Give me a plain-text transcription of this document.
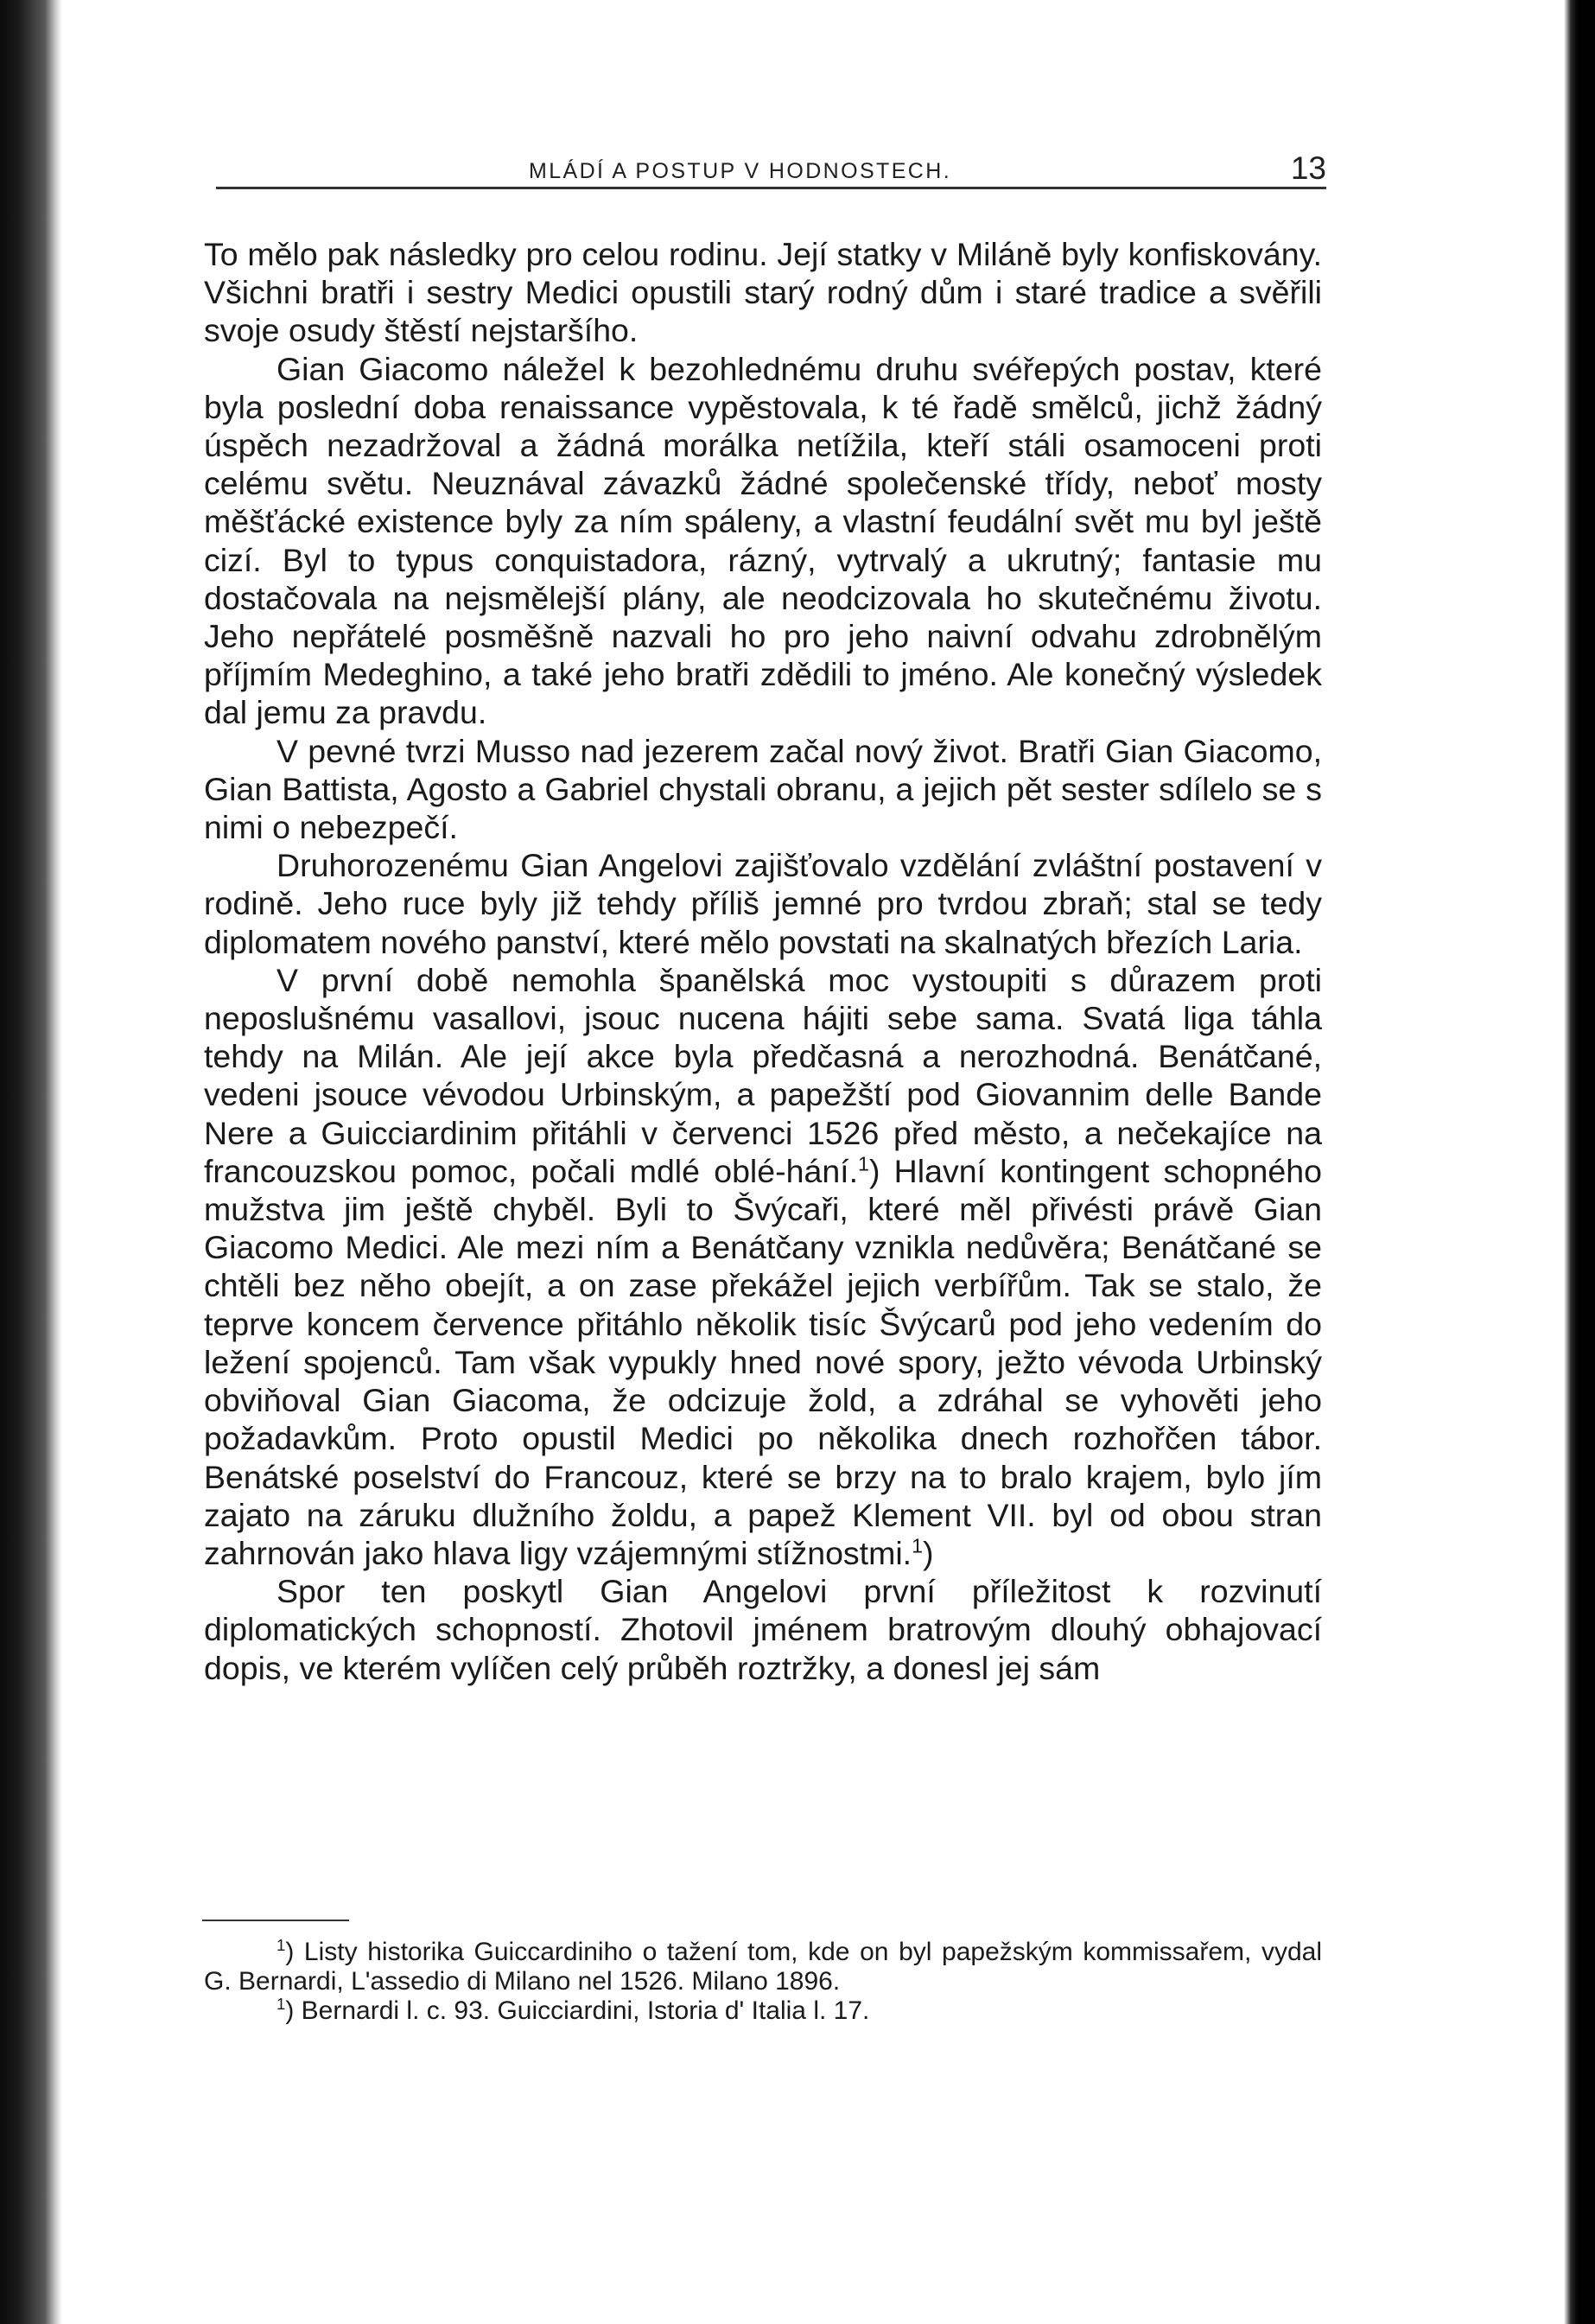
MLÁDÍ A POSTUP V HODNOSTECH.	13

To mělo pak následky pro celou rodinu. Její statky v Miláně byly konfiskovány. Všichni bratři i sestry Medici opustili starý rodný dům i staré tradice a svěřili svoje osudy štěstí nejstaršího.

Gian Giacomo náležel k bezohlednému druhu svéřepých postav, které byla poslední doba renaissance vypěstovala, k té řadě smělců, jichž žádný úspěch nezadržoval a žádná morálka netížila, kteří stáli osamoceni proti celému světu. Neuznával závazků žádné společenské třídy, neboť mosty měšťácké existence byly za ním spáleny, a vlastní feudální svět mu byl ještě cizí. Byl to typus conquistadora, rázný, vytrvalý a ukrutný; fantasie mu dostačovala na nejsmělejší plány, ale neodcizovala ho skutečnému životu. Jeho nepřátelé posměšně nazvali ho pro jeho naivní odvahu zdrobnělým příjmím Medeghino, a také jeho bratři zdědili to jméno. Ale konečný výsledek dal jemu za pravdu.

V pevné tvrzi Musso nad jezerem začal nový život. Bratři Gian Giacomo, Gian Battista, Agosto a Gabriel chystali obranu, a jejich pět sester sdílelo se s nimi o nebezpečí.

Druhorozenému Gian Angelovi zajišťovalo vzdělání zvláštní postavení v rodině. Jeho ruce byly již tehdy příliš jemné pro tvrdou zbraň; stal se tedy diplomatem nového panství, které mělo povstati na skalnatých březích Laria.

V první době nemohla španělská moc vystoupiti s důrazem proti neposlušnému vasallovi, jsouc nucena hájiti sebe sama. Svatá liga táhla tehdy na Milán. Ale její akce byla předčasná a nerozhodná. Benátčané, vedeni jsouce vévodou Urbinským, a papežští pod Giovannim delle Bande Nere a Guicciardinim přitáhli v červenci 1526 před město, a nečekajíce na francouzskou pomoc, počali mdlé oblé-hání.$^1$) Hlavní kontingent schopného mužstva jim ještě chyběl. Byli to Švýcaři, které měl přivésti právě Gian Giacomo Medici. Ale mezi ním a Benátčany vznikla nedůvěra; Benátčané se chtěli bez něho obejít, a on zase překážel jejich verbířům. Tak se stalo, že teprve koncem července přitáhlo několik tisíc Švýcarů pod jeho vedením do ležení spojenců. Tam však vypukly hned nové spory, ježto vévoda Urbinský obviňoval Gian Giacoma, že odcizuje žold, a zdráhal se vyhověti jeho požadavkům. Proto opustil Medici po několika dnech rozhořčen tábor. Benátské poselství do Francouz, které se brzy na to bralo krajem, bylo jím zajato na záruku dlužního žoldu, a papež Klement VII. byl od obou stran zahrnován jako hlava ligy vzájemnými stížnostmi.$^1$)

Spor ten poskytl Gian Angelovi první příležitost k rozvinutí diplomatických schopností. Zhotovil jménem bratrovým dlouhý obhajovací dopis, ve kterém vylíčen celý průběh roztržky, a donesl jej sám

$^1$) Listy historika Guiccardiniho o tažení tom, kde on byl papežským kommissařem, vydal G. Bernardi, L'assedio di Milano nel 1526. Milano 1896.

$^1$) Bernardi l. c. 93. Guicciardini, Istoria d' Italia l. 17.
